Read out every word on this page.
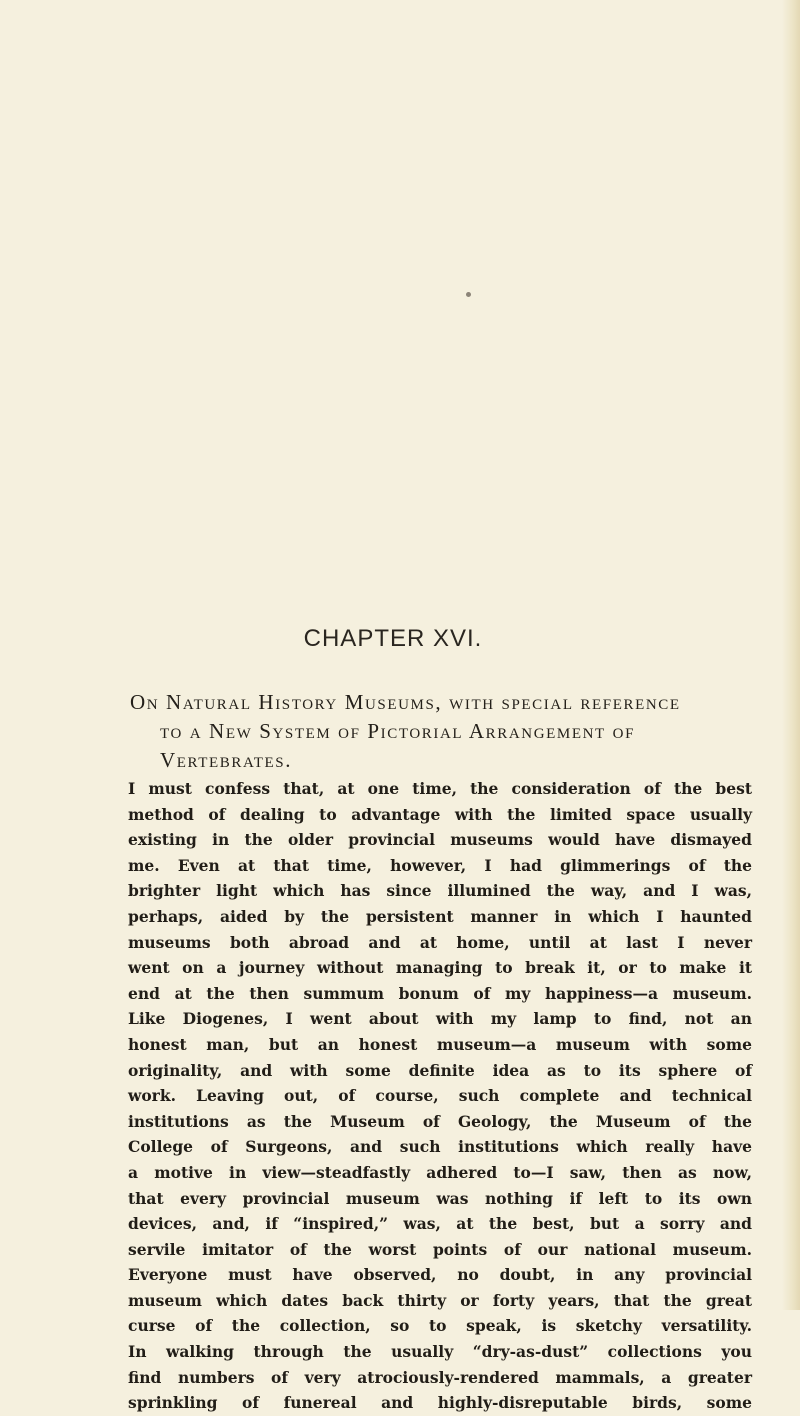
CHAPTER XVI.
On Natural History Museums, with special reference
to a New System of Pictorial Arrangement of
Vertebrates.
I must confess that, at one time, the consideration of the best
method of dealing to advantage with the limited space usually
existing in the older provincial museums would have dismayed
me. Even at that time, however, I had glimmerings of the
brighter light which has since illumined the way, and I was,
perhaps, aided by the persistent manner in which I haunted
museums both abroad and at home, until at last I never
went on a journey without managing to break it, or to make it
end at the then summum bonum of my happiness—a museum.
Like Diogenes, I went about with my lamp to find, not an
honest man, but an honest museum—a museum with some
originality, and with some definite idea as to its sphere of
work. Leaving out, of course, such complete and technical
institutions as the Museum of Geology, the Museum of the
College of Surgeons, and such institutions which really have
a motive in view—steadfastly adhered to—I saw, then as now,
that every provincial museum was nothing if left to its own
devices, and, if “inspired,” was, at the best, but a sorry and
servile imitator of the worst points of our national museum.
Everyone must have observed, no doubt, in any provincial
museum which dates back thirty or forty years, that the great
curse of the collection, so to speak, is sketchy versatility.
In walking through the usually “dry-as-dust” collections you
find numbers of very atrociously-rendered mammals, a greater
sprinkling of funereal and highly-disreputable birds, some
